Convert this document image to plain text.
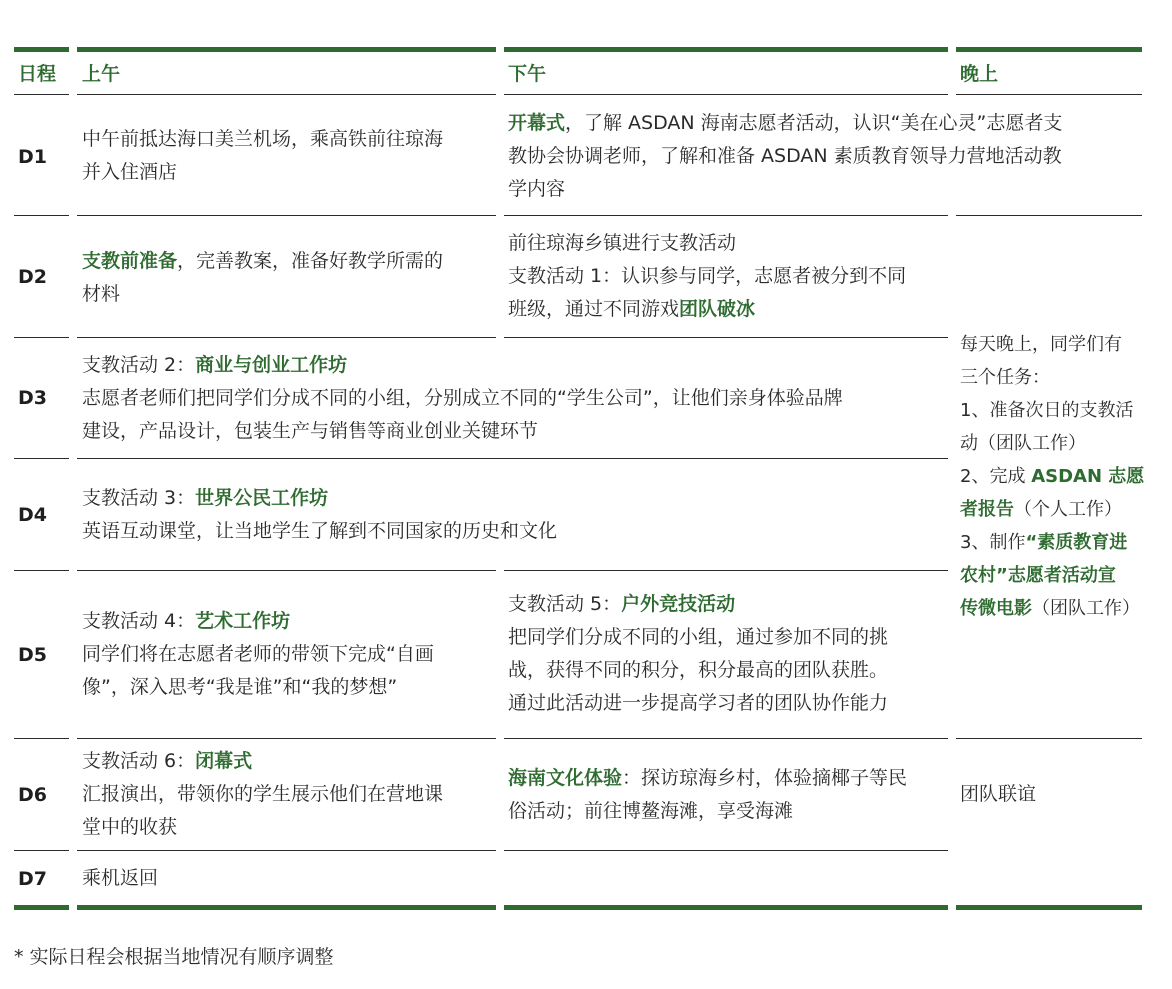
日程 上午	下午	晚上
D1
中午前抵达海口美兰机场，乘高铁前往琼海
并入住酒店
开幕式，了解 ASDAN 海南志愿者活动，认识“美在心灵”志愿者支
教协会协调老师，了解和准备 ASDAN 素质教育领导力营地活动教
学内容
D2
支教前准备，完善教案，准备好教学所需的
材料
前往琼海乡镇进行支教活动
支教活动 1：认识参与同学，志愿者被分到不同
班级，通过不同游戏团队破冰
D3
支教活动 2：商业与创业工作坊
志愿者老师们把同学们分成不同的小组，分别成立不同的“学生公司”，让他们亲身体验品牌
建设，产品设计，包装生产与销售等商业创业关键环节
D4
支教活动 3：世界公民工作坊
英语互动课堂，让当地学生了解到不同国家的历史和文化
D5
支教活动 4：艺术工作坊
同学们将在志愿者老师的带领下完成“自画
像”，深入思考“我是谁”和“我的梦想”
支教活动 5：户外竞技活动
把同学们分成不同的小组，通过参加不同的挑
战，获得不同的积分，积分最高的团队获胜。
通过此活动进一步提高学习者的团队协作能力
每天晚上，同学们有
三个任务：
1、准备次日的支教活
动（团队工作）
2、完成 ASDAN 志愿
者报告（个人工作）
3、制作“素质教育进
农村”志愿者活动宣
传微电影（团队工作）
D6
支教活动 6：闭幕式
汇报演出，带领你的学生展示他们在营地课
堂中的收获
海南文化体验：探访琼海乡村，体验摘椰子等民
俗活动；前往博鳌海滩，享受海滩
团队联谊
D7 乘机返回
* 实际日程会根据当地情况有顺序调整
